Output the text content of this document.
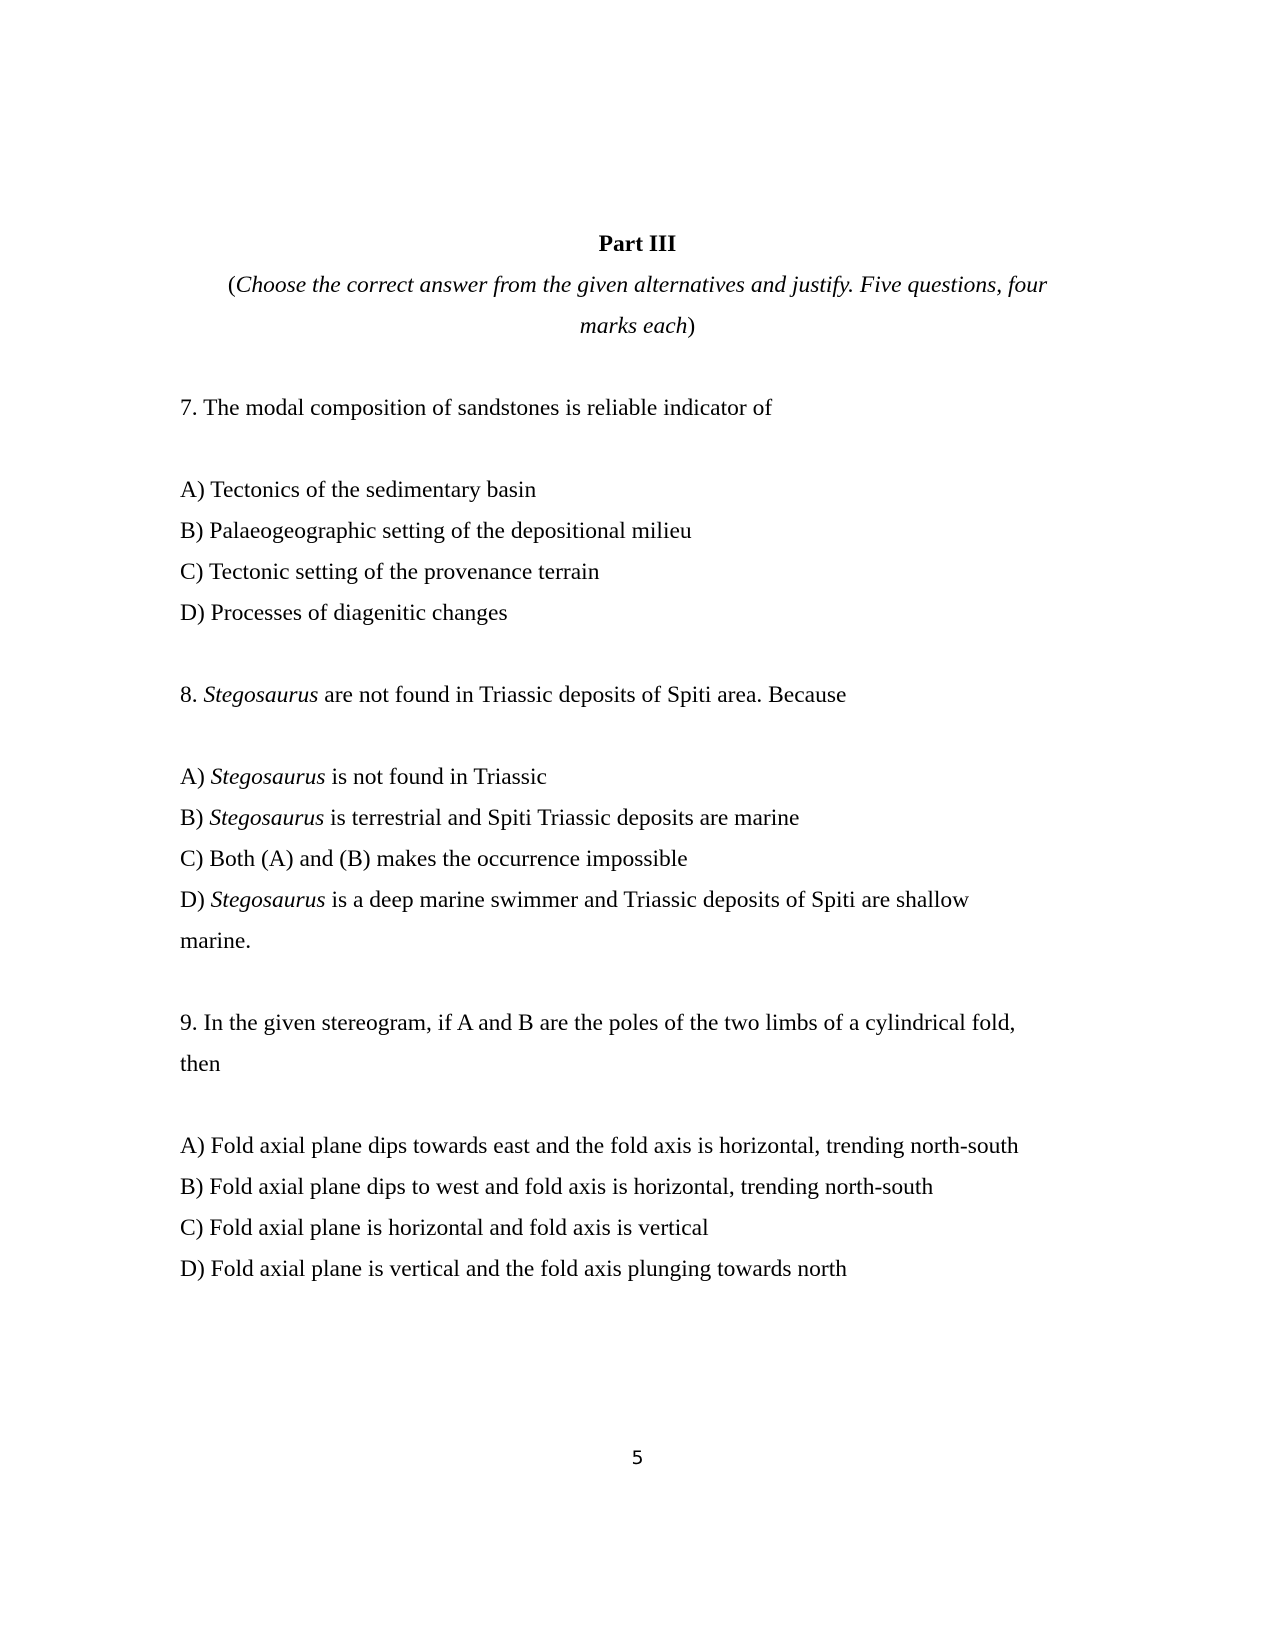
Part III
(Choose the correct answer from the given alternatives and justify. Five questions, four
marks each)
7. The modal composition of sandstones is reliable indicator of
A) Tectonics of the sedimentary basin
B) Palaeogeographic setting of the depositional milieu
C) Tectonic setting of the provenance terrain
D) Processes of diagenitic changes
8. Stegosaurus are not found in Triassic deposits of Spiti area. Because
A) Stegosaurus is not found in Triassic
B) Stegosaurus is terrestrial and Spiti Triassic deposits are marine
C) Both (A) and (B) makes the occurrence impossible
D) Stegosaurus is a deep marine swimmer and Triassic deposits of Spiti are shallow
marine.
9. In the given stereogram, if A and B are the poles of the two limbs of a cylindrical fold,
then
A) Fold axial plane dips towards east and the fold axis is horizontal, trending north-south
B) Fold axial plane dips to west and fold axis is horizontal, trending north-south
C) Fold axial plane is horizontal and fold axis is vertical
D) Fold axial plane is vertical and the fold axis plunging towards north
5
